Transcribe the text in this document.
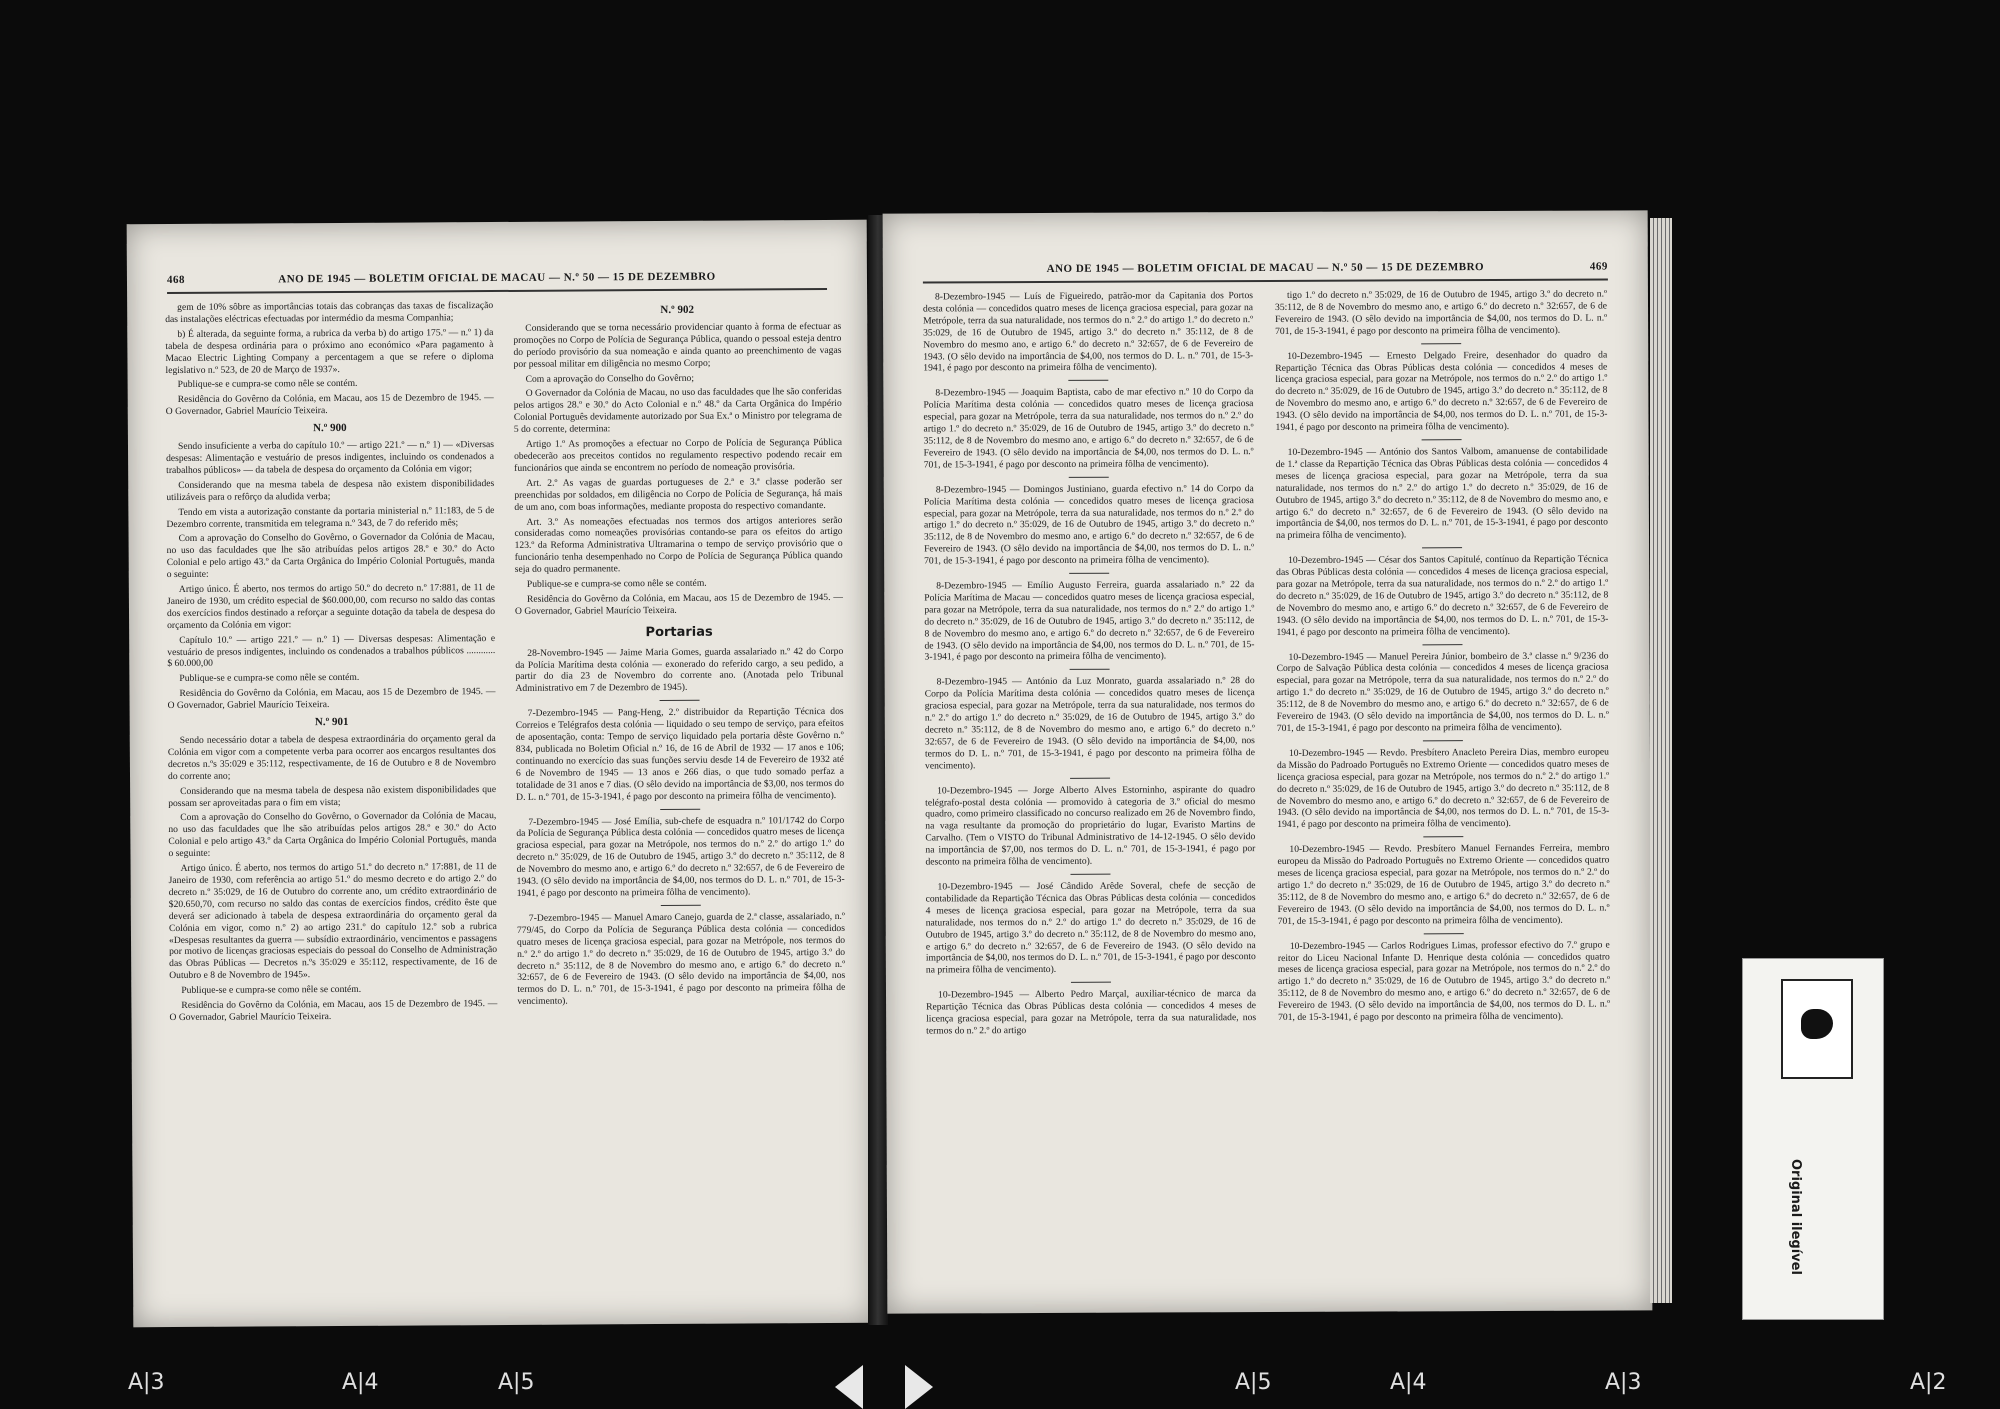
468	ANO DE 1945 — BOLETIM OFICIAL DE MACAU — N.º 50 — 15 DE DEZEMBRO

gem de 10% sôbre as importâncias totais das cobranças das taxas de fiscalização das instalações eléctricas efectuadas por intermédio da mesma Companhia;

b) É alterada, da seguinte forma, a rubrica da verba b) do artigo 175.º — n.º 1) da tabela de despesa ordinária para o próximo ano económico «Para pagamento à Macao Electric Lighting Company a percentagem a que se refere o diploma legislativo n.º 523, de 20 de Março de 1937».

Publique-se e cumpra-se como nêle se contém.

Residência do Govêrno da Colónia, em Macau, aos 15 de Dezembro de 1945. — O Governador, Gabriel Maurício Teixeira.

N.º 900

Sendo insuficiente a verba do capítulo 10.º — artigo 221.º — n.º 1) — «Diversas despesas: Alimentação e vestuário de presos indigentes, incluindo os condenados a trabalhos públicos» — da tabela de despesa do orçamento da Colónia em vigor;

Considerando que na mesma tabela de despesa não existem disponibilidades utilizáveis para o refôrço da aludida verba;

Tendo em vista a autorização constante da portaria ministerial n.º 11:183, de 5 de Dezembro corrente, transmitida em telegrama n.º 343, de 7 do referido mês;

Com a aprovação do Conselho do Govêrno, o Governador da Colónia de Macau, no uso das faculdades que lhe são atribuídas pelos artigos 28.º e 30.º do Acto Colonial e pelo artigo 43.º da Carta Orgânica do Império Colonial Português, manda o seguinte:

Artigo único. É aberto, nos termos do artigo 50.º do decreto n.º 17:881, de 11 de Janeiro de 1930, um crédito especial de $60.000,00, com recurso no saldo das contas dos exercícios findos destinado a reforçar a seguinte dotação da tabela de despesa do orçamento da Colónia em vigor:

Capítulo 10.º — artigo 221.º — n.º 1) — Diversas despesas: Alimentação e vestuário de presos indigentes, incluindo os condenados a trabalhos públicos ............ $ 60.000,00

Publique-se e cumpra-se como nêle se contém.

Residência do Govêrno da Colónia, em Macau, aos 15 de Dezembro de 1945. — O Governador, Gabriel Maurício Teixeira.

N.º 901

Sendo necessário dotar a tabela de despesa extraordinária do orçamento geral da Colónia em vigor com a competente verba para ocorrer aos encargos resultantes dos decretos n.ºs 35:029 e 35:112, respectivamente, de 16 de Outubro e 8 de Novembro do corrente ano;

Considerando que na mesma tabela de despesa não existem disponibilidades que possam ser aproveitadas para o fim em vista;

Com a aprovação do Conselho do Govêrno, o Governador da Colónia de Macau, no uso das faculdades que lhe são atribuídas pelos artigos 28.º e 30.º do Acto Colonial e pelo artigo 43.º da Carta Orgânica do Império Colonial Português, manda o seguinte:

Artigo único. É aberto, nos termos do artigo 51.º do decreto n.º 17:881, de 11 de Janeiro de 1930, com referência ao artigo 51.º do mesmo decreto e do artigo 2.º do decreto n.º 35:029, de 16 de Outubro do corrente ano, um crédito extraordinário de $20.650,70, com recurso no saldo das contas de exercícios findos, crédito êste que deverá ser adicionado à tabela de despesa extraordinária do orçamento geral da Colónia em vigor, como n.º 2) ao artigo 231.º do capítulo 12.º sob a rubrica «Despesas resultantes da guerra — subsídio extraordinário, vencimentos e passagens por motivo de licenças graciosas especiais do pessoal do Conselho de Administração das Obras Públicas — Decretos n.ºs 35:029 e 35:112, respectivamente, de 16 de Outubro e 8 de Novembro de 1945».

Publique-se e cumpra-se como nêle se contém.

Residência do Govêrno da Colónia, em Macau, aos 15 de Dezembro de 1945. — O Governador, Gabriel Maurício Teixeira.

N.º 902

Considerando que se torna necessário providenciar quanto à forma de efectuar as promoções no Corpo de Polícia de Segurança Pública, quando o pessoal esteja dentro do período provisório da sua nomeação e ainda quanto ao preenchimento de vagas por pessoal militar em diligência no mesmo Corpo;

Com a aprovação do Conselho do Govêrno;

O Governador da Colónia de Macau, no uso das faculdades que lhe são conferidas pelos artigos 28.º e 30.º do Acto Colonial e n.º 48.º da Carta Orgânica do Império Colonial Português devidamente autorizado por Sua Ex.ª o Ministro por telegrama de 5 do corrente, determina:

Artigo 1.º As promoções a efectuar no Corpo de Polícia de Segurança Pública obedecerão aos preceitos contidos no regulamento respectivo podendo recair em funcionários que ainda se encontrem no período de nomeação provisória.

Art. 2.º As vagas de guardas portugueses de 2.ª e 3.ª classe poderão ser preenchidas por soldados, em diligência no Corpo de Polícia de Segurança, há mais de um ano, com boas informações, mediante proposta do respectivo comandante.

Art. 3.º As nomeações efectuadas nos termos dos artigos anteriores serão consideradas como nomeações provisórias contando-se para os efeitos do artigo 123.º da Reforma Administrativa Ultramarina o tempo de serviço provisório que o funcionário tenha desempenhado no Corpo de Polícia de Segurança Pública quando seja do quadro permanente.

Publique-se e cumpra-se como nêle se contém.

Residência do Govêrno da Colónia, em Macau, aos 15 de Dezembro de 1945. — O Governador, Gabriel Maurício Teixeira.

Portarias

28-Novembro-1945 — Jaime Maria Gomes, guarda assalariado n.º 42 do Corpo da Polícia Marítima desta colónia — exonerado do referido cargo, a seu pedido, a partir do dia 23 de Novembro do corrente ano. (Anotada pelo Tribunal Administrativo em 7 de Dezembro de 1945).

7-Dezembro-1945 — Pang-Heng, 2.º distribuidor da Repartição Técnica dos Correios e Telégrafos desta colónia — liquidado o seu tempo de serviço, para efeitos de aposentação, conta: Tempo de serviço liquidado pela portaria dêste Govêrno n.º 834, publicada no Boletim Oficial n.º 16, de 16 de Abril de 1932 — 17 anos e 106; continuando no exercício das suas funções serviu desde 14 de Fevereiro de 1932 até 6 de Novembro de 1945 — 13 anos e 266 dias, o que tudo somado perfaz a totalidade de 31 anos e 7 dias. (O sêlo devido na importância de $3,00, nos termos do D. L. n.º 701, de 15-3-1941, é pago por desconto na primeira fôlha de vencimento).

7-Dezembro-1945 — José Emília, sub-chefe de esquadra n.º 101/1742 do Corpo da Polícia de Segurança Pública desta colónia — concedidos quatro meses de licença graciosa especial, para gozar na Metrópole, nos termos do n.º 2.º do artigo 1.º do decreto n.º 35:029, de 16 de Outubro de 1945, artigo 3.º do decreto n.º 35:112, de 8 de Novembro do mesmo ano, e artigo 6.º do decreto n.º 32:657, de 6 de Fevereiro de 1943. (O sêlo devido na importância de $4,00, nos termos do D. L. n.º 701, de 15-3-1941, é pago por desconto na primeira fôlha de vencimento).

7-Dezembro-1945 — Manuel Amaro Canejo, guarda de 2.ª classe, assalariado, n.º 779/45, do Corpo da Polícia de Segurança Pública desta colónia — concedidos quatro meses de licença graciosa especial, para gozar na Metrópole, nos termos do n.º 2.º do artigo 1.º do decreto n.º 35:029, de 16 de Outubro de 1945, artigo 3.º do decreto n.º 35:112, de 8 de Novembro do mesmo ano, e artigo 6.º do decreto n.º 32:657, de 6 de Fevereiro de 1943. (O sêlo devido na importância de $4,00, nos termos do D. L. n.º 701, de 15-3-1941, é pago por desconto na primeira fôlha de vencimento).

ANO DE 1945 — BOLETIM OFICIAL DE MACAU — N.º 50 — 15 DE DEZEMBRO	469

8-Dezembro-1945 — Luís de Figueiredo, patrão-mor da Capitania dos Portos desta colónia — concedidos quatro meses de licença graciosa especial, para gozar na Metrópole, terra da sua naturalidade, nos termos do n.º 2.º do artigo 1.º do decreto n.º 35:029, de 16 de Outubro de 1945, artigo 3.º do decreto n.º 35:112, de 8 de Novembro do mesmo ano, e artigo 6.º do decreto n.º 32:657, de 6 de Fevereiro de 1943. (O sêlo devido na importância de $4,00, nos termos do D. L. n.º 701, de 15-3-1941, é pago por desconto na primeira fôlha de vencimento).

8-Dezembro-1945 — Joaquim Baptista, cabo de mar efectivo n.º 10 do Corpo da Polícia Marítima desta colónia — concedidos quatro meses de licença graciosa especial, para gozar na Metrópole, terra da sua naturalidade, nos termos do n.º 2.º do artigo 1.º do decreto n.º 35:029, de 16 de Outubro de 1945, artigo 3.º do decreto n.º 35:112, de 8 de Novembro do mesmo ano, e artigo 6.º do decreto n.º 32:657, de 6 de Fevereiro de 1943. (O sêlo devido na importância de $4,00, nos termos do D. L. n.º 701, de 15-3-1941, é pago por desconto na primeira fôlha de vencimento).

8-Dezembro-1945 — Domingos Justiniano, guarda efectivo n.º 14 do Corpo da Polícia Marítima desta colónia — concedidos quatro meses de licença graciosa especial, para gozar na Metrópole, terra da sua naturalidade, nos termos do n.º 2.º do artigo 1.º do decreto n.º 35:029, de 16 de Outubro de 1945, artigo 3.º do decreto n.º 35:112, de 8 de Novembro do mesmo ano, e artigo 6.º do decreto n.º 32:657, de 6 de Fevereiro de 1943. (O sêlo devido na importância de $4,00, nos termos do D. L. n.º 701, de 15-3-1941, é pago por desconto na primeira fôlha de vencimento).

8-Dezembro-1945 — Emílio Augusto Ferreira, guarda assalariado n.º 22 da Polícia Marítima de Macau — concedidos quatro meses de licença graciosa especial, para gozar na Metrópole, terra da sua naturalidade, nos termos do n.º 2.º do artigo 1.º do decreto n.º 35:029, de 16 de Outubro de 1945, artigo 3.º do decreto n.º 35:112, de 8 de Novembro do mesmo ano, e artigo 6.º do decreto n.º 32:657, de 6 de Fevereiro de 1943. (O sêlo devido na importância de $4,00, nos termos do D. L. n.º 701, de 15-3-1941, é pago por desconto na primeira fôlha de vencimento).

8-Dezembro-1945 — António da Luz Monrato, guarda assalariado n.º 28 do Corpo da Polícia Marítima desta colónia — concedidos quatro meses de licença graciosa especial, para gozar na Metrópole, terra da sua naturalidade, nos termos do n.º 2.º do artigo 1.º do decreto n.º 35:029, de 16 de Outubro de 1945, artigo 3.º do decreto n.º 35:112, de 8 de Novembro do mesmo ano, e artigo 6.º do decreto n.º 32:657, de 6 de Fevereiro de 1943. (O sêlo devido na importância de $4,00, nos termos do D. L. n.º 701, de 15-3-1941, é pago por desconto na primeira fôlha de vencimento).

10-Dezembro-1945 — Jorge Alberto Alves Estorninho, aspirante do quadro telégrafo-postal desta colónia — promovido à categoria de 3.º oficial do mesmo quadro, como primeiro classificado no concurso realizado em 26 de Novembro findo, na vaga resultante da promoção do proprietário do lugar, Evaristo Martins de Carvalho. (Tem o VISTO do Tribunal Administrativo de 14-12-1945. O sêlo devido na importância de $7,00, nos termos do D. L. n.º 701, de 15-3-1941, é pago por desconto na primeira fôlha de vencimento).

10-Dezembro-1945 — José Cândido Arêde Soveral, chefe de secção de contabilidade da Repartição Técnica das Obras Públicas desta colónia — concedidos 4 meses de licença graciosa especial, para gozar na Metrópole, terra da sua naturalidade, nos termos do n.º 2.º do artigo 1.º do decreto n.º 35:029, de 16 de Outubro de 1945, artigo 3.º do decreto n.º 35:112, de 8 de Novembro do mesmo ano, e artigo 6.º do decreto n.º 32:657, de 6 de Fevereiro de 1943. (O sêlo devido na importância de $4,00, nos termos do D. L. n.º 701, de 15-3-1941, é pago por desconto na primeira fôlha de vencimento).

10-Dezembro-1945 — Alberto Pedro Marçal, auxiliar-técnico de marca da Repartição Técnica das Obras Públicas desta colónia — concedidos 4 meses de licença graciosa especial, para gozar na Metrópole, terra da sua naturalidade, nos termos do n.º 2.º do artigo

tigo 1.º do decreto n.º 35:029, de 16 de Outubro de 1945, artigo 3.º do decreto n.º 35:112, de 8 de Novembro do mesmo ano, e artigo 6.º do decreto n.º 32:657, de 6 de Fevereiro de 1943. (O sêlo devido na importância de $4,00, nos termos do D. L. n.º 701, de 15-3-1941, é pago por desconto na primeira fôlha de vencimento).

10-Dezembro-1945 — Ernesto Delgado Freire, desenhador do quadro da Repartição Técnica das Obras Públicas desta colónia — concedidos 4 meses de licença graciosa especial, para gozar na Metrópole, nos termos do n.º 2.º do artigo 1.º do decreto n.º 35:029, de 16 de Outubro de 1945, artigo 3.º do decreto n.º 35:112, de 8 de Novembro do mesmo ano, e artigo 6.º do decreto n.º 32:657, de 6 de Fevereiro de 1943. (O sêlo devido na importância de $4,00, nos termos do D. L. n.º 701, de 15-3-1941, é pago por desconto na primeira fôlha de vencimento).

10-Dezembro-1945 — António dos Santos Valbom, amanuense de contabilidade de 1.ª classe da Repartição Técnica das Obras Públicas desta colónia — concedidos 4 meses de licença graciosa especial, para gozar na Metrópole, terra da sua naturalidade, nos termos do n.º 2.º do artigo 1.º do decreto n.º 35:029, de 16 de Outubro de 1945, artigo 3.º do decreto n.º 35:112, de 8 de Novembro do mesmo ano, e artigo 6.º do decreto n.º 32:657, de 6 de Fevereiro de 1943. (O sêlo devido na importância de $4,00, nos termos do D. L. n.º 701, de 15-3-1941, é pago por desconto na primeira fôlha de vencimento).

10-Dezembro-1945 — César dos Santos Capitulé, contínuo da Repartição Técnica das Obras Públicas desta colónia — concedidos 4 meses de licença graciosa especial, para gozar na Metrópole, terra da sua naturalidade, nos termos do n.º 2.º do artigo 1.º do decreto n.º 35:029, de 16 de Outubro de 1945, artigo 3.º do decreto n.º 35:112, de 8 de Novembro do mesmo ano, e artigo 6.º do decreto n.º 32:657, de 6 de Fevereiro de 1943. (O sêlo devido na importância de $4,00, nos termos do D. L. n.º 701, de 15-3-1941, é pago por desconto na primeira fôlha de vencimento).

10-Dezembro-1945 — Manuel Pereira Júnior, bombeiro de 3.ª classe n.º 9/236 do Corpo de Salvação Pública desta colónia — concedidos 4 meses de licença graciosa especial, para gozar na Metrópole, terra da sua naturalidade, nos termos do n.º 2.º do artigo 1.º do decreto n.º 35:029, de 16 de Outubro de 1945, artigo 3.º do decreto n.º 35:112, de 8 de Novembro do mesmo ano, e artigo 6.º do decreto n.º 32:657, de 6 de Fevereiro de 1943. (O sêlo devido na importância de $4,00, nos termos do D. L. n.º 701, de 15-3-1941, é pago por desconto na primeira fôlha de vencimento).

10-Dezembro-1945 — Revdo. Presbítero Anacleto Pereira Dias, membro europeu da Missão do Padroado Português no Extremo Oriente — concedidos quatro meses de licença graciosa especial, para gozar na Metrópole, nos termos do n.º 2.º do artigo 1.º do decreto n.º 35:029, de 16 de Outubro de 1945, artigo 3.º do decreto n.º 35:112, de 8 de Novembro do mesmo ano, e artigo 6.º do decreto n.º 32:657, de 6 de Fevereiro de 1943. (O sêlo devido na importância de $4,00, nos termos do D. L. n.º 701, de 15-3-1941, é pago por desconto na primeira fôlha de vencimento).

10-Dezembro-1945 — Revdo. Presbítero Manuel Fernandes Ferreira, membro europeu da Missão do Padroado Português no Extremo Oriente — concedidos quatro meses de licença graciosa especial, para gozar na Metrópole, nos termos do n.º 2.º do artigo 1.º do decreto n.º 35:029, de 16 de Outubro de 1945, artigo 3.º do decreto n.º 35:112, de 8 de Novembro do mesmo ano, e artigo 6.º do decreto n.º 32:657, de 6 de Fevereiro de 1943. (O sêlo devido na importância de $4,00, nos termos do D. L. n.º 701, de 15-3-1941, é pago por desconto na primeira fôlha de vencimento).

10-Dezembro-1945 — Carlos Rodrigues Limas, professor efectivo do 7.º grupo e reitor do Liceu Nacional Infante D. Henrique desta colónia — concedidos quatro meses de licença graciosa especial, para gozar na Metrópole, nos termos do n.º 2.º do artigo 1.º do decreto n.º 35:029, de 16 de Outubro de 1945, artigo 3.º do decreto n.º 35:112, de 8 de Novembro do mesmo ano, e artigo 6.º do decreto n.º 32:657, de 6 de Fevereiro de 1943. (O sêlo devido na importância de $4,00, nos termos do D. L. n.º 701, de 15-3-1941, é pago por desconto na primeira fôlha de vencimento).

Original ilegível
A|3	A|4	A|5	A|5	A|4	A|3	A|2
